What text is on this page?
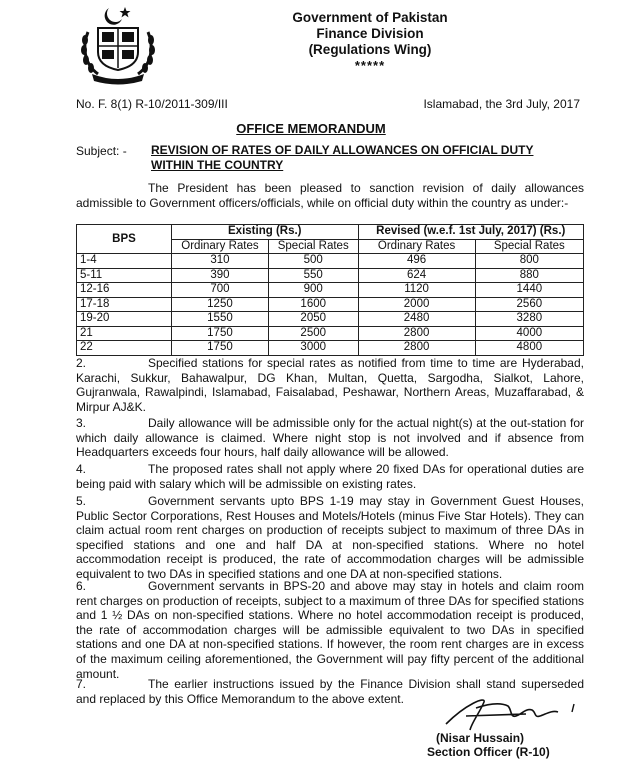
Government of Pakistan
Finance Division
(Regulations Wing)
*****
No. F. 8(1) R-10/2011-309/III	Islamabad, the 3rd July, 2017
OFFICE MEMORANDUM
Subject: - REVISION OF RATES OF DAILY ALLOWANCES ON OFFICIAL DUTY WITHIN THE COUNTRY
The President has been pleased to sanction revision of daily allowances admissible to Government officers/officials, while on official duty within the country as under:-
BPS	Existing (Rs.)		Revised (w.e.f. 1st July, 2017) (Rs.)	
	Ordinary Rates	Special Rates	Ordinary Rates	Special Rates
1-4	310	500	496	800
5-11	390	550	624	880
12-16	700	900	1120	1440
17-18	1250	1600	2000	2560
19-20	1550	2050	2480	3280
21	1750	2500	2800	4000
22	1750	3000	2800	4800
2.	Specified stations for special rates as notified from time to time are Hyderabad, Karachi, Sukkur, Bahawalpur, DG Khan, Multan, Quetta, Sargodha, Sialkot, Lahore, Gujranwala, Rawalpindi, Islamabad, Faisalabad, Peshawar, Northern Areas, Muzaffarabad, & Mirpur AJ&K.
3.	Daily allowance will be admissible only for the actual night(s) at the out-station for which daily allowance is claimed. Where night stop is not involved and if absence from Headquarters exceeds four hours, half daily allowance will be allowed.
4.	The proposed rates shall not apply where 20 fixed DAs for operational duties are being paid with salary which will be admissible on existing rates.
5.	Government servants upto BPS 1-19 may stay in Government Guest Houses, Public Sector Corporations, Rest Houses and Motels/Hotels (minus Five Star Hotels). They can claim actual room rent charges on production of receipts subject to maximum of three DAs in specified stations and one and half DA at non-specified stations. Where no hotel accommodation receipt is produced, the rate of accommodation charges will be admissible equivalent to two DAs in specified stations and one DA at non-specified stations.
6.	Government servants in BPS-20 and above may stay in hotels and claim room rent charges on production of receipts, subject to a maximum of three DAs for specified stations and 1 ½ DAs on non-specified stations. Where no hotel accommodation receipt is produced, the rate of accommodation charges will be admissible equivalent to two DAs in specified stations and one DA at non-specified stations. If however, the room rent charges are in excess of the maximum ceiling aforementioned, the Government will pay fifty percent of the additional amount.
7.	The earlier instructions issued by the Finance Division shall stand superseded and replaced by this Office Memorandum to the above extent.
(Nisar Hussain)
Section Officer (R-10)
